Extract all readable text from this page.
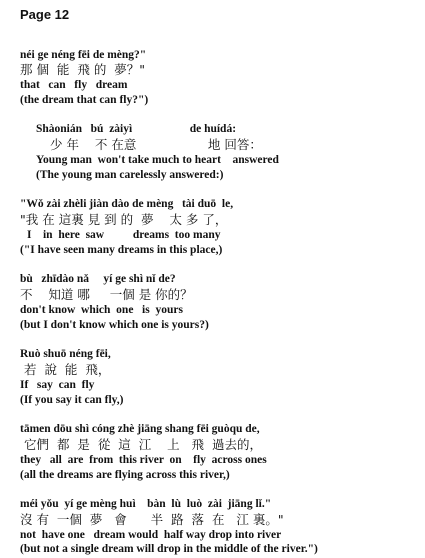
Page 12
néi ge néng fēi de mèng?"
那 個  能  飛 的  夢？"
that   can   fly   dream
(the dream that can fly?")
Shàonián   bú  zàiyì                    de huídá:
少 年    不 在意                  地 回答：
Young man  won't take much to heart    answered
(The young man carelessly answered:)
"Wǒ zài zhèli jiàn dào de mèng   tài duō  le,
"我 在 這裏 見 到 的  夢    太 多 了，
I    in  here  saw          dreams  too many
("I have seen many dreams in this place,)
bù   zhīdào nǎ     yí ge shì nǐ de?
不    知道 哪     一個 是 你的？
don't know  which  one   is  yours
(but I don't know which one is yours?)
Ruò shuō néng fēi,
若  說  能  飛，
If   say  can  fly
(If you say it can fly,)
tāmen dōu shì cóng zhè jiāng shang fēi guòqu de,
它們  都  是  從  這  江    上   飛  過去的，
they   all  are  from  this river  on    fly  across ones
(all the dreams are flying across this river,)
méi yǒu  yí ge mèng huì    bàn  lù  luò  zài  jiāng lǐ."
沒 有  一個  夢   會      半  路  落  在   江 裏。"
not  have one   dream would  half way drop into river
(but not a single dream will drop in the middle of the river.")
